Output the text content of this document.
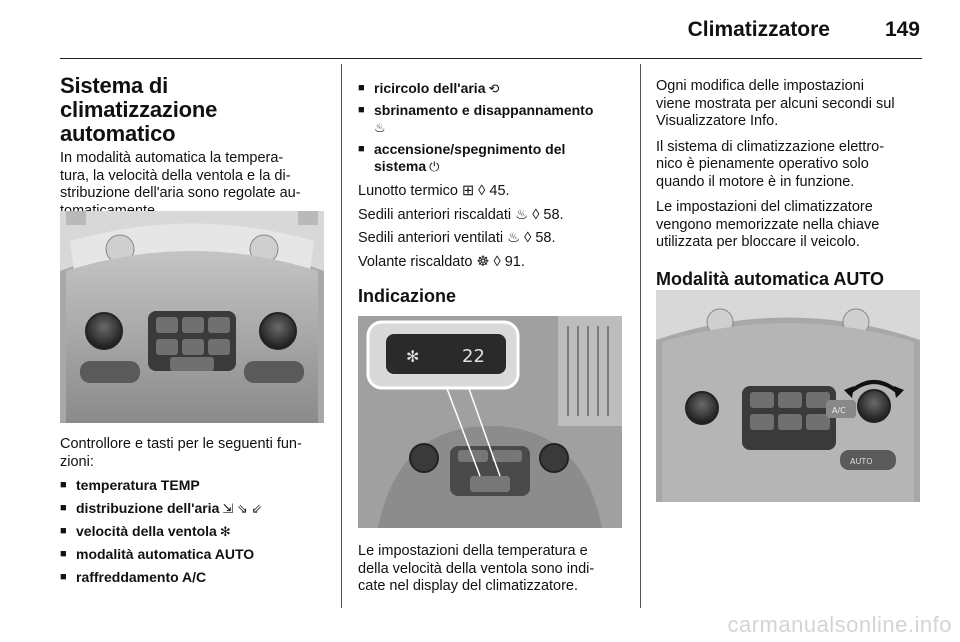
Climatizzatore	149
Sistema di climatizzazione
automatico

In modalità automatica la tempera-
tura, la velocità della ventola e la di-
stribuzione dell'aria sono regolate au-

Controllore e tasti per le seguenti fun-
zioni:

■ temperatura TEMP
■ distribuzione dell'aria ⇲ ⇘ ⇙
■ velocità della ventola ✻
■ modalità automatica AUTO
■ raffreddamento A/C
■ ricircolo dell'aria ⟲
■ sbrinamento e disappannamento
♨
■ accensione/spegnimento del
sistema ⏻

Lunotto termico ⊞ ◊ 45.

Sedili anteriori riscaldati ♨ ◊ 58.

Sedili anteriori ventilati ♨ ◊ 58.

Volante riscaldato ☸ ◊ 91.

Indicazione
✻ 22

Le impostazioni della temperatura e
della velocità della ventola sono indi-
cate nel display del climatizzatore.

Ogni modifica delle impostazioni
viene mostrata per alcuni secondi sul
Visualizzatore Info.

Il sistema di climatizzazione elettro-
nico è pienamente operativo solo
quando il motore è in funzione.

Le impostazioni del climatizzatore
vengono memorizzate nella chiave
utilizzata per bloccare il veicolo.

Modalità automatica AUTO
A/C
AUTO
carmanualsonline.info
